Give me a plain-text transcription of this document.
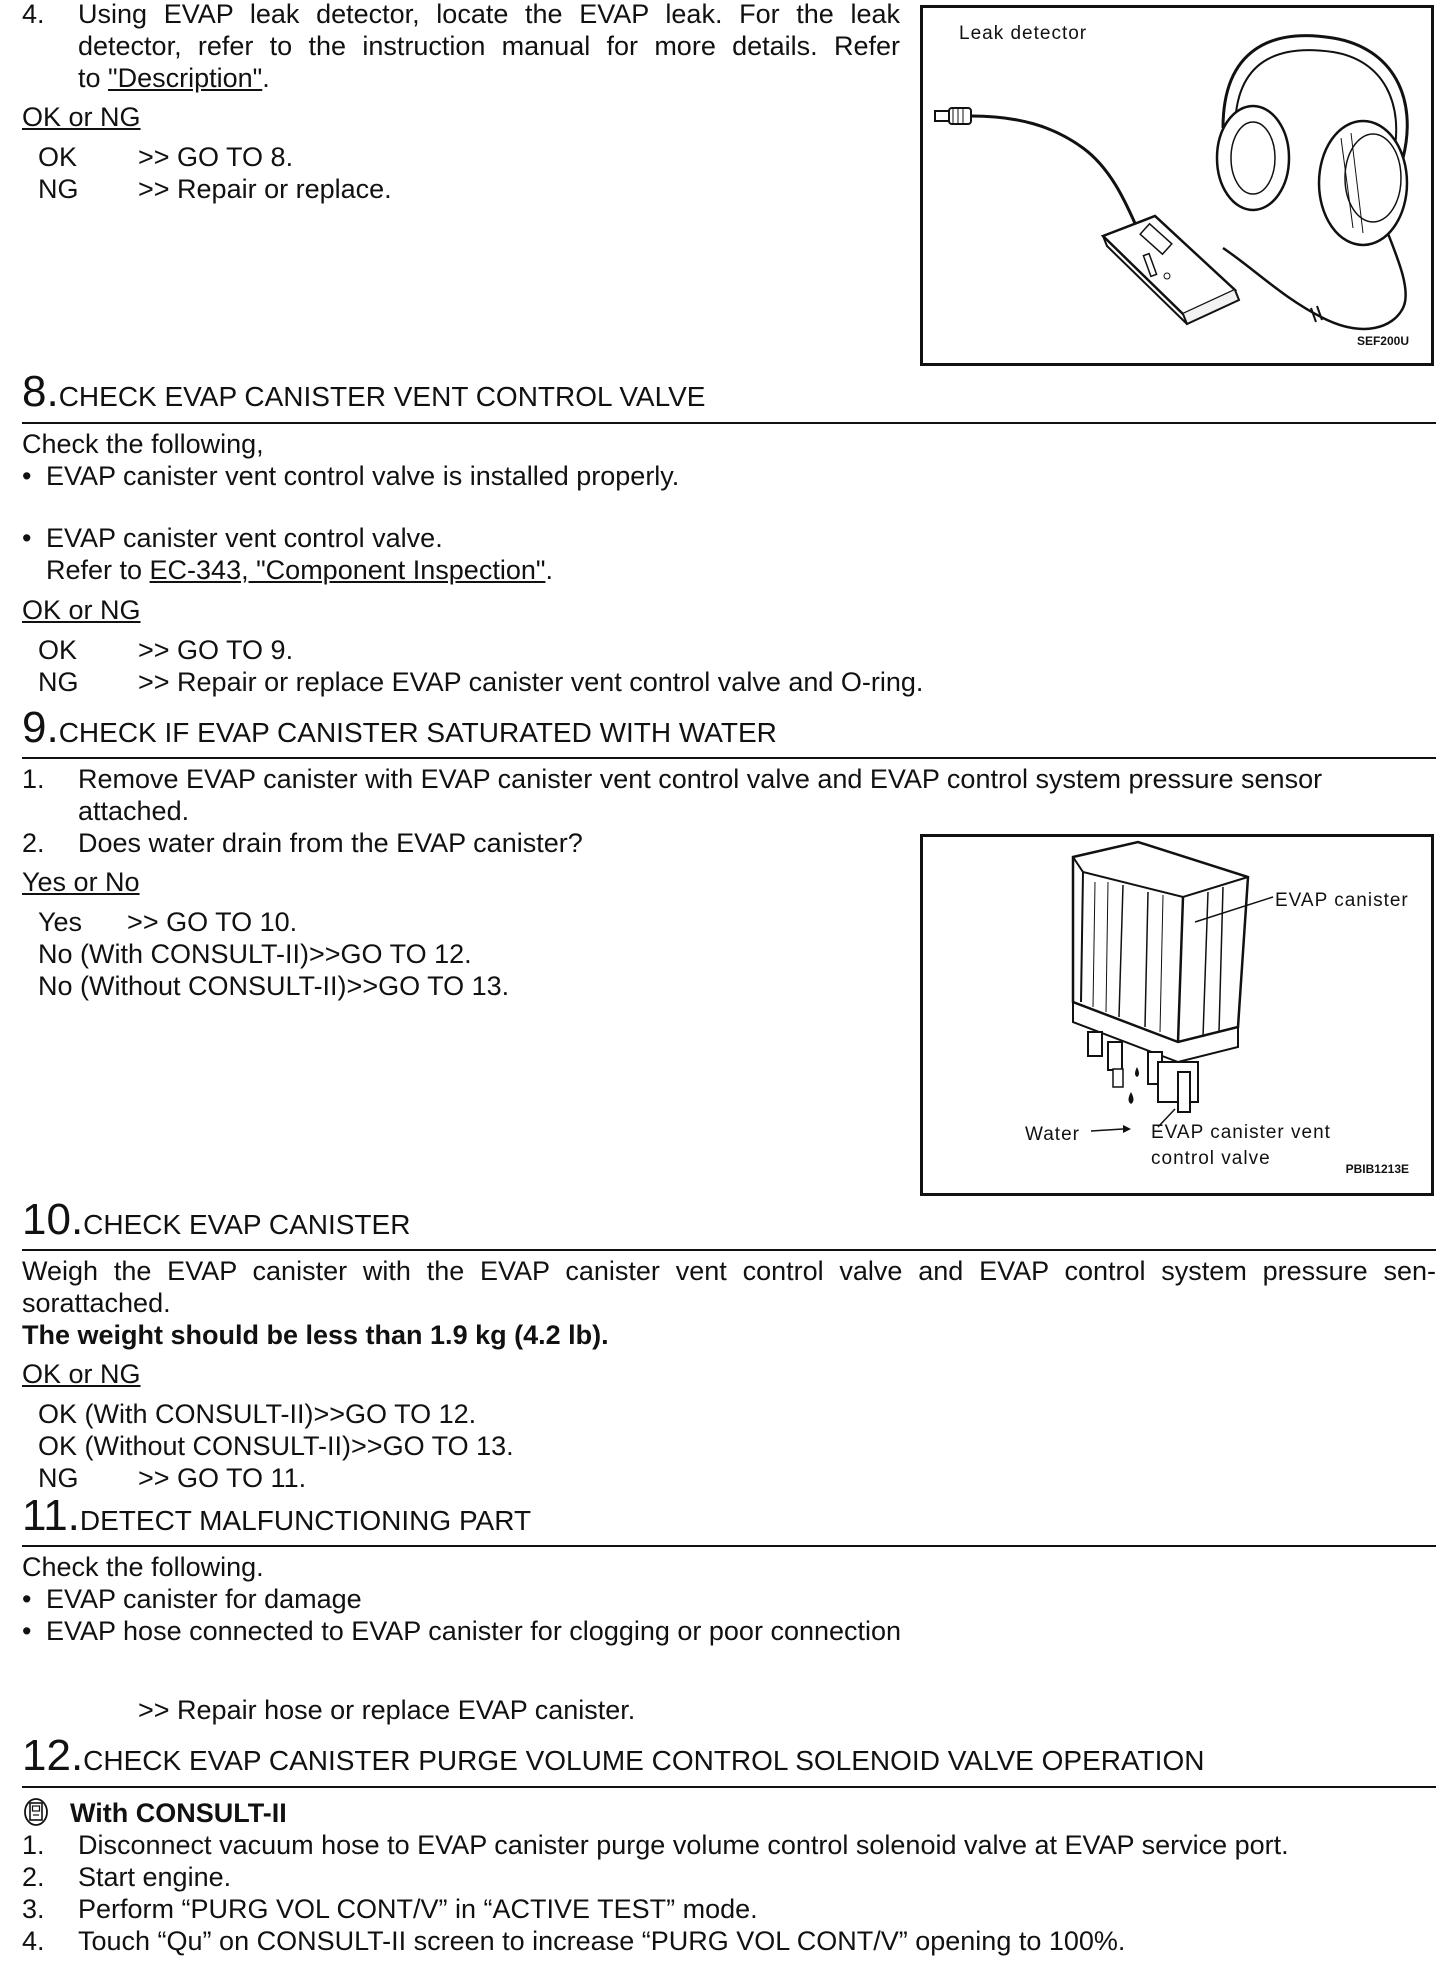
4. Using EVAP leak detector, locate the EVAP leak. For the leak
detector, refer to the instruction manual for more details. Refer
to "Description".
OK or NG
OK >> GO TO 8.
NG >> Repair or replace.
Leak detector
SEF200U
8.CHECK EVAP CANISTER VENT CONTROL VALVE
Check the following,
• EVAP canister vent control valve is installed properly.
• EVAP canister vent control valve.
Refer to EC-343, "Component Inspection".
OK or NG
OK >> GO TO 9.
NG >> Repair or replace EVAP canister vent control valve and O-ring.
9.CHECK IF EVAP CANISTER SATURATED WITH WATER
1. Remove EVAP canister with EVAP canister vent control valve and EVAP control system pressure sensor
attached.
2. Does water drain from the EVAP canister?
Yes or No
Yes      >> GO TO 10.
No (With CONSULT-II)>>GO TO 12.
No (Without CONSULT-II)>>GO TO 13.
EVAP canister
Water	EVAP canister vent
control valve	PBIB1213E
10.CHECK EVAP CANISTER
Weigh the EVAP canister with the EVAP canister vent control valve and EVAP control system pressure sen-
sorattached.
The weight should be less than 1.9 kg (4.2 lb).
OK or NG
OK (With CONSULT-II)>>GO TO 12.
OK (Without CONSULT-II)>>GO TO 13.
NG >> GO TO 11.
11.DETECT MALFUNCTIONING PART
Check the following.
• EVAP canister for damage
• EVAP hose connected to EVAP canister for clogging or poor connection
>> Repair hose or replace EVAP canister.
12.CHECK EVAP CANISTER PURGE VOLUME CONTROL SOLENOID VALVE OPERATION
With CONSULT-II
1. Disconnect vacuum hose to EVAP canister purge volume control solenoid valve at EVAP service port.
2. Start engine.
3. Perform “PURG VOL CONT/V” in “ACTIVE TEST” mode.
4. Touch “Qu” on CONSULT-II screen to increase “PURG VOL CONT/V” opening to 100%.
